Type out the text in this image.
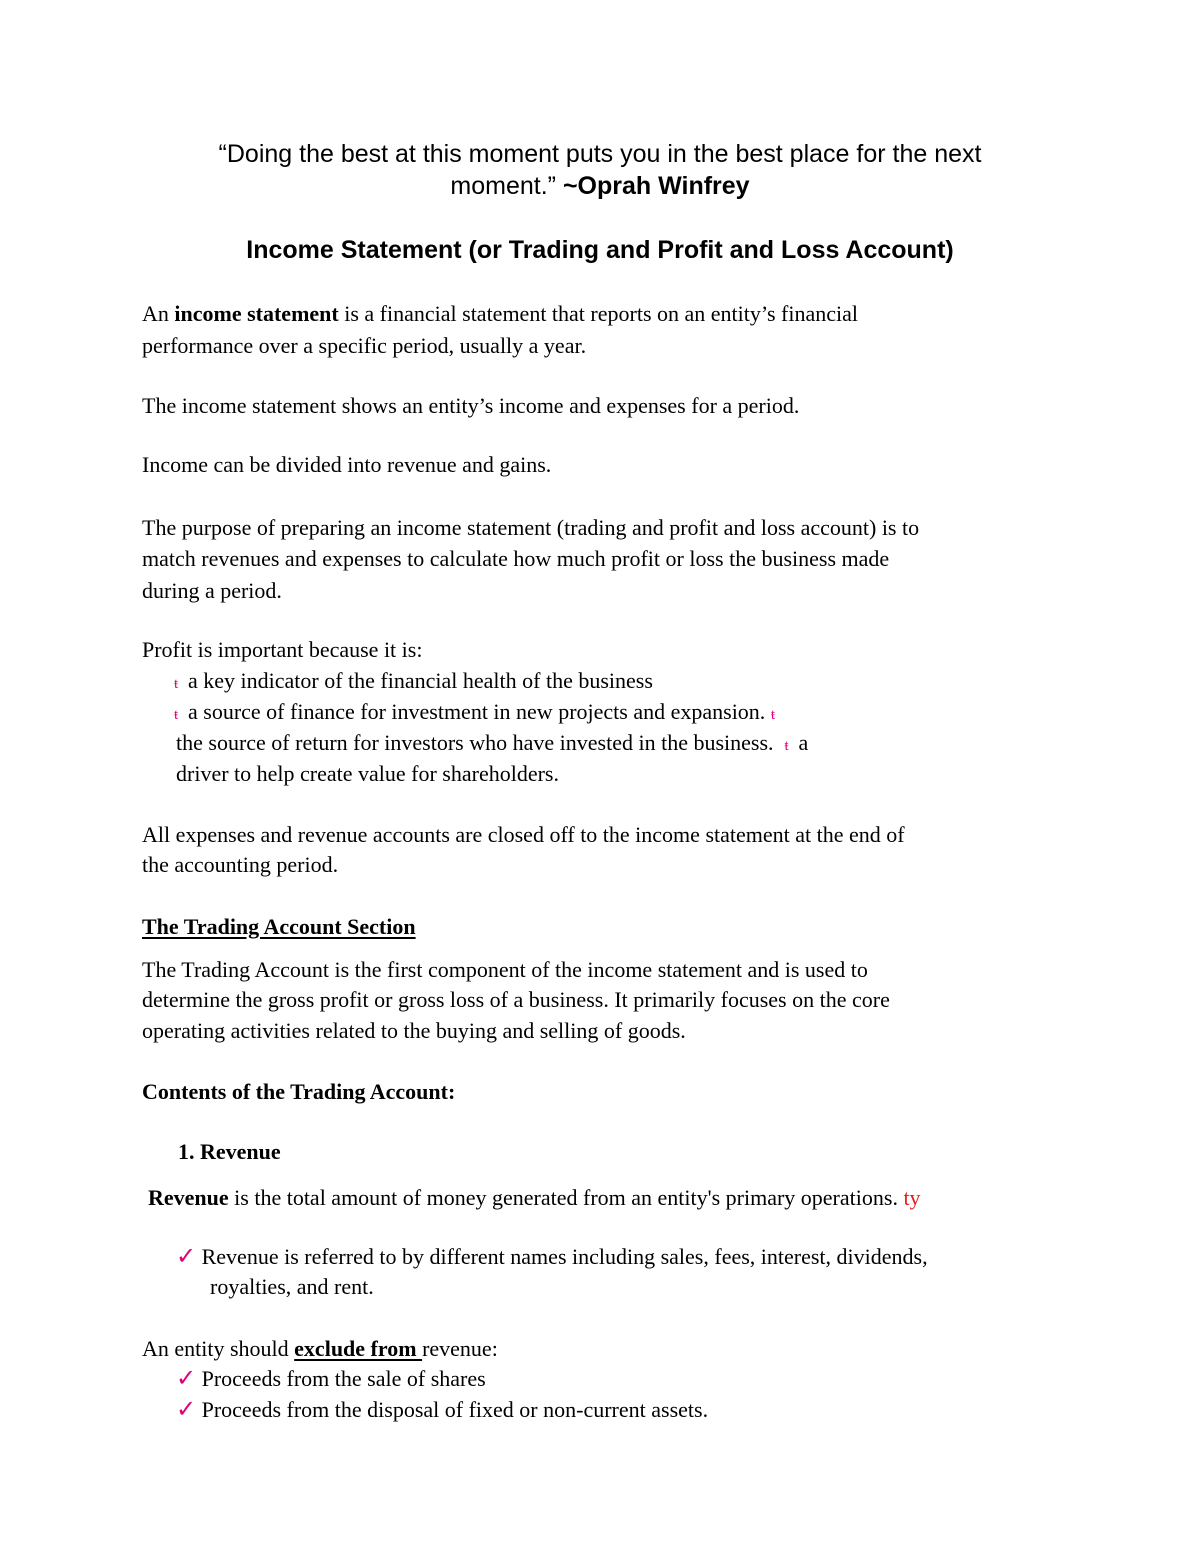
“Doing the best at this moment puts you in the best place for the next
moment.” ~Oprah Winfrey
Income Statement (or Trading and Profit and Loss Account)
An income statement is a financial statement that reports on an entity’s financial
performance over a specific period, usually a year.
The income statement shows an entity’s income and expenses for a period.
Income can be divided into revenue and gains.
The purpose of preparing an income statement (trading and profit and loss account) is to
match revenues and expenses to calculate how much profit or loss the business made
during a period.
Profit is important because it is:
ŧ a key indicator of the financial health of the business
ŧ a source of finance for investment in new projects and expansion. ŧ
the source of return for investors who have invested in the business. ŧ a
driver to help create value for shareholders.
All expenses and revenue accounts are closed off to the income statement at the end of
the accounting period.
The Trading Account Section
The Trading Account is the first component of the income statement and is used to
determine the gross profit or gross loss of a business. It primarily focuses on the core
operating activities related to the buying and selling of goods.
Contents of the Trading Account:
1. Revenue
Revenue is the total amount of money generated from an entity's primary operations. ty
✓ Revenue is referred to by different names including sales, fees, interest, dividends,
royalties, and rent.
An entity should exclude from revenue:
✓ Proceeds from the sale of shares
✓ Proceeds from the disposal of fixed or non-current assets.
